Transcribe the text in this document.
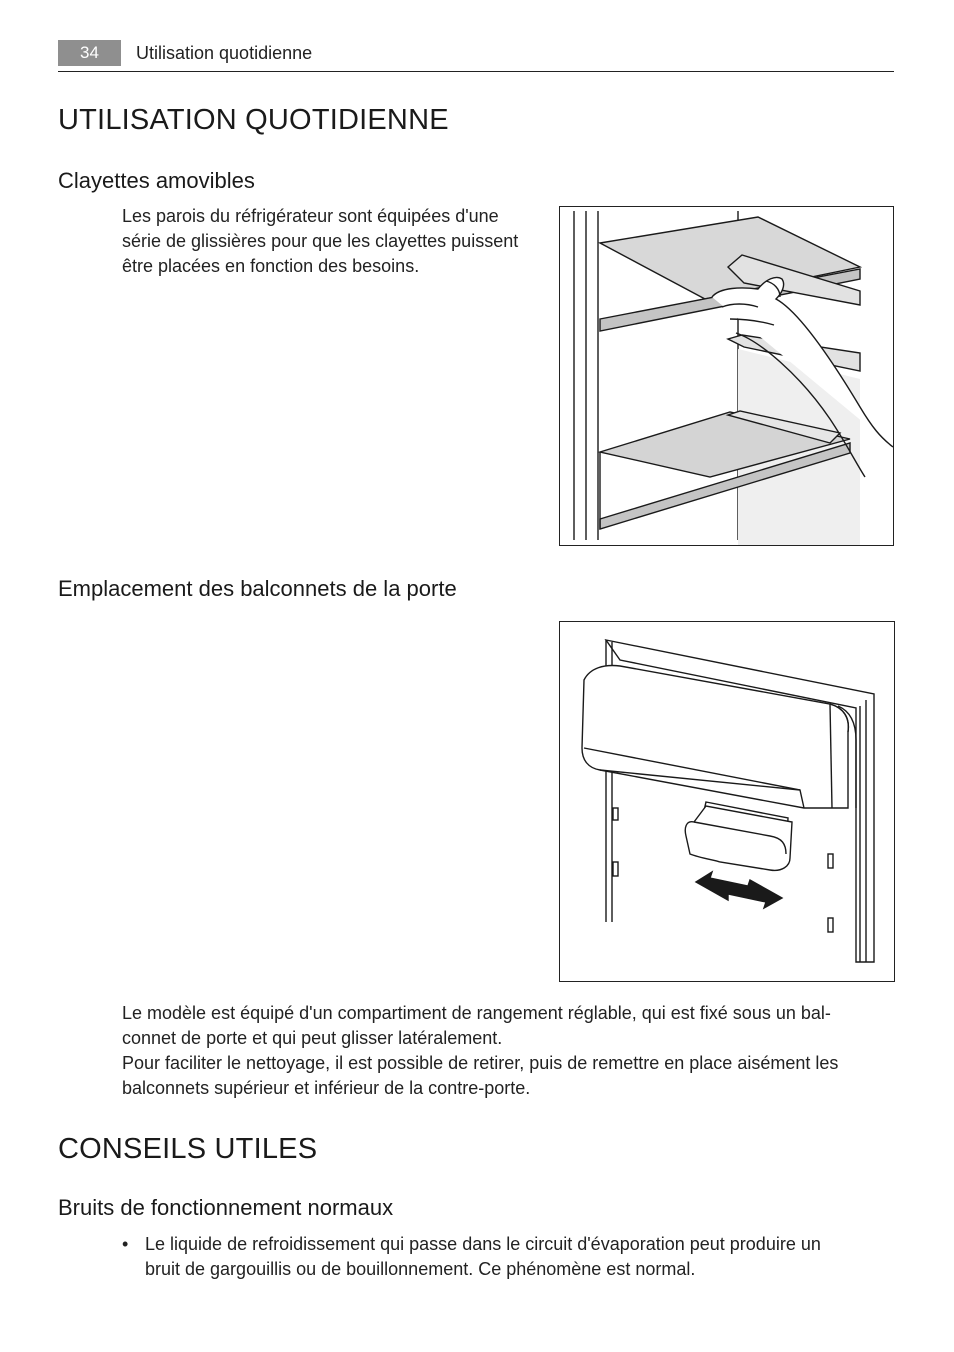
34	Utilisation quotidienne
UTILISATION QUOTIDIENNE
Clayettes amovibles
Les parois du réfrigérateur sont équipées d'une
série de glissières pour que les clayettes puissent
être placées en fonction des besoins.
Emplacement des balconnets de la porte
Le modèle est équipé d'un compartiment de rangement réglable, qui est fixé sous un bal-
connet de porte et qui peut glisser latéralement.
Pour faciliter le nettoyage, il est possible de retirer, puis de remettre en place aisément les
balconnets supérieur et inférieur de la contre-porte.
CONSEILS UTILES
Bruits de fonctionnement normaux
• Le liquide de refroidissement qui passe dans le circuit d'évaporation peut produire un
bruit de gargouillis ou de bouillonnement. Ce phénomène est normal.
